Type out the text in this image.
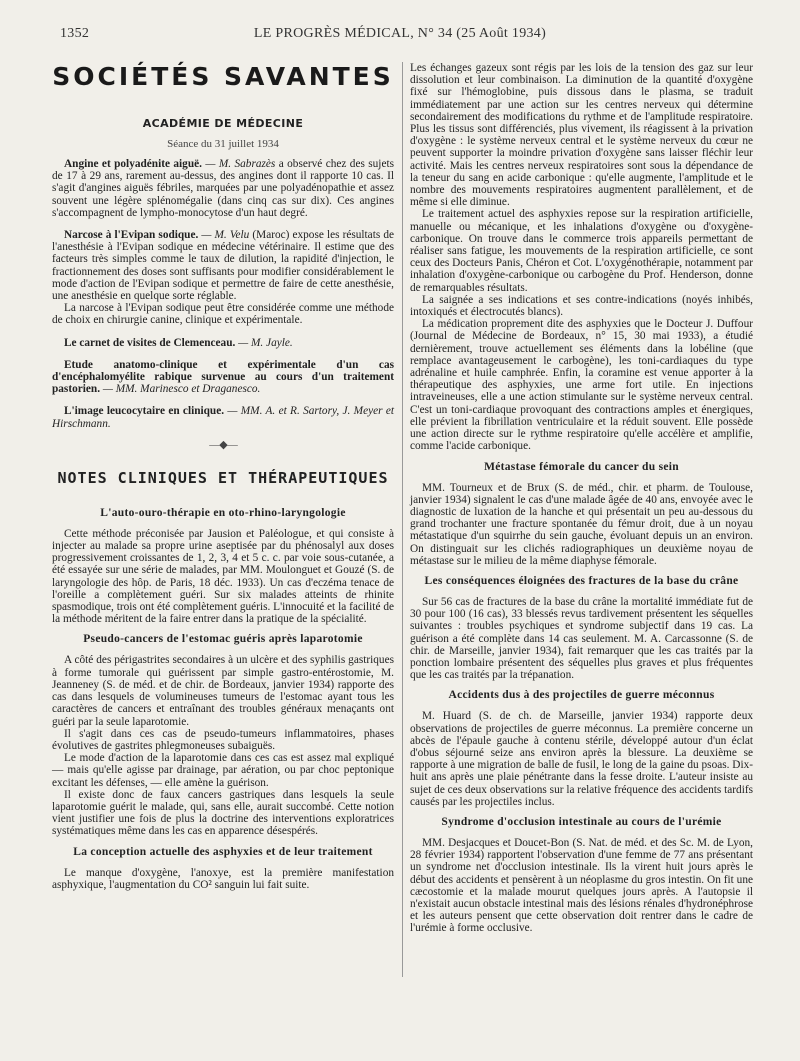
1352	LE PROGRÈS MÉDICAL, N° 34 (25 Août 1934)
SOCIÉTÉS SAVANTES
ACADÉMIE DE MÉDECINE
Séance du 31 juillet 1934

Angine et polyadénite aiguë. — M. Sabrazès a observé chez des sujets de 17 à 29 ans, rarement au-dessus, des angines dont il rapporte 10 cas. Il s'agit d'angines aiguës fébriles, marquées par une polyadénopathie et assez souvent une légère splénomégalie (dans cinq cas sur dix). Ces angines s'accompagnent de lympho-monocytose d'un haut degré.

Narcose à l'Evipan sodique. — M. Velu (Maroc) expose les résultats de l'anesthésie à l'Evipan sodique en médecine vétérinaire. Il estime que des facteurs très simples comme le taux de dilution, la rapidité d'injection, le fractionnement des doses sont suffisants pour modifier considérablement le mode d'action de l'Evipan sodique et permettre de faire de cette anesthésie, une anesthésie en quelque sorte réglable.

La narcose à l'Evipan sodique peut être considérée comme une méthode de choix en chirurgie canine, clinique et expérimentale.

Le carnet de visites de Clemenceau. — M. Jayle.

Etude anatomo-clinique et expérimentale d'un cas d'encéphalomyélite rabique survenue au cours d'un traitement pastorien. — MM. Marinesco et Draganesco.

L'image leucocytaire en clinique. — MM. A. et R. Sartory, J. Meyer et Hirschmann.

—◆—
NOTES CLINIQUES ET THÉRAPEUTIQUES
L'auto-ouro-thérapie en oto-rhino-laryngologie

Cette méthode préconisée par Jausion et Paléologue, et qui consiste à injecter au malade sa propre urine aseptisée par du phénosalyl aux doses progressivement croissantes de 1, 2, 3, 4 et 5 c. c. par voie sous-cutanée, a été essayée sur une série de malades, par MM. Moulonguet et Gouzé (S. de laryngologie des hôp. de Paris, 18 déc. 1933). Un cas d'eczéma tenace de l'oreille a complètement guéri. Sur six malades atteints de rhinite spasmodique, trois ont été complètement guéris. L'innocuité et la facilité de la méthode méritent de la faire entrer dans la pratique de la spécialité.

Pseudo-cancers de l'estomac guéris après laparotomie

A côté des périgastrites secondaires à un ulcère et des syphilis gastriques à forme tumorale qui guérissent par simple gastro-entérostomie, M. Jeanneney (S. de méd. et de chir. de Bordeaux, janvier 1934) rapporte des cas dans lesquels de volumineuses tumeurs de l'estomac ayant tous les caractères de cancers et entraînant des troubles généraux menaçants ont guéri par la seule laparotomie.

Il s'agit dans ces cas de pseudo-tumeurs inflammatoires, phases évolutives de gastrites phlegmoneuses subaiguës.

Le mode d'action de la laparotomie dans ces cas est assez mal expliqué — mais qu'elle agisse par drainage, par aération, ou par choc peptonique excitant les défenses, — elle amène la guérison.

Il existe donc de faux cancers gastriques dans lesquels la seule laparotomie guérit le malade, qui, sans elle, aurait succombé. Cette notion vient justifier une fois de plus la doctrine des interventions exploratrices systématiques même dans les cas en apparence désespérés.

La conception actuelle des asphyxies et de leur traitement

Le manque d'oxygène, l'anoxye, est la première manifestation asphyxique, l'augmentation du CO² sanguin lui fait suite.

Les échanges gazeux sont régis par les lois de la tension des gaz sur leur dissolution et leur combinaison. La diminution de la quantité d'oxygène fixé sur l'hémoglobine, puis dissous dans le plasma, se traduit immédiatement par une action sur les centres nerveux qui détermine secondairement des modifications du rythme et de l'amplitude respiratoire. Plus les tissus sont différenciés, plus vivement, ils réagissent à la privation d'oxygène : le système nerveux central et le système nerveux du cœur ne peuvent supporter la moindre privation d'oxygène sans laisser fléchir leur activité. Mais les centres nerveux respiratoires sont sous la dépendance de la teneur du sang en acide carbonique : qu'elle augmente, l'amplitude et le nombre des mouvements respiratoires augmentent parallèlement, et de même si elle diminue.

Le traitement actuel des asphyxies repose sur la respiration artificielle, manuelle ou mécanique, et les inhalations d'oxygène ou d'oxygène-carbonique. On trouve dans le commerce trois appareils permettant de réaliser sans fatigue, les mouvements de la respiration artificielle, ce sont ceux des Docteurs Panis, Chéron et Cot. L'oxygénothérapie, notamment par inhalation d'oxygène-carbonique ou carbogène du Prof. Henderson, donne de remarquables résultats.

La saignée a ses indications et ses contre-indications (noyés inhibés, intoxiqués et électrocutés blancs).

La médication proprement dite des asphyxies que le Docteur J. Duffour (Journal de Médecine de Bordeaux, n° 15, 30 mai 1933), a étudié dernièrement, trouve actuellement ses éléments dans la lobéline (que remplace avantageusement le carbogène), les toni-cardiaques du type adrénaline et huile camphrée. Enfin, la coramine est venue apporter à la thérapeutique des asphyxies, une arme fort utile. En injections intraveineuses, elle a une action stimulante sur le système nerveux central. C'est un toni-cardiaque provoquant des contractions amples et énergiques, elle prévient la fibrillation ventriculaire et la réduit souvent. Elle possède une action directe sur le rythme respiratoire qu'elle accélère et amplifie, comme l'acide carbonique.

Métastase fémorale du cancer du sein

MM. Tourneux et de Brux (S. de méd., chir. et pharm. de Toulouse, janvier 1934) signalent le cas d'une malade âgée de 40 ans, envoyée avec le diagnostic de luxation de la hanche et qui présentait un peu au-dessous du grand trochanter une fracture spontanée du fémur droit, due à un noyau métastatique d'un squirrhe du sein gauche, évoluant depuis un an environ. On distinguait sur les clichés radiographiques un deuxième noyau de métastase sur le milieu de la même diaphyse fémorale.

Les conséquences éloignées des fractures de la base du crâne

Sur 56 cas de fractures de la base du crâne la mortalité immédiate fut de 30 pour 100 (16 cas), 33 blessés revus tardivement présentent les séquelles suivantes : troubles psychiques et syndrome subjectif dans 19 cas. La guérison a été complète dans 14 cas seulement. M. A. Carcassonne (S. de chir. de Marseille, janvier 1934), fait remarquer que les cas traités par la ponction lombaire présentent des séquelles plus graves et plus fréquentes que les cas traités par la trépanation.

Accidents dus à des projectiles de guerre méconnus

M. Huard (S. de ch. de Marseille, janvier 1934) rapporte deux observations de projectiles de guerre méconnus. La première concerne un abcès de l'épaule gauche à contenu stérile, développé autour d'un éclat d'obus séjourné seize ans environ après la blessure. La deuxième se rapporte à une migration de balle de fusil, le long de la gaine du psoas. Dix-huit ans après une plaie pénétrante dans la fesse droite. L'auteur insiste au sujet de ces deux observations sur la relative fréquence des accidents tardifs causés par les projectiles inclus.

Syndrome d'occlusion intestinale au cours de l'urémie

MM. Desjacques et Doucet-Bon (S. Nat. de méd. et des Sc. M. de Lyon, 28 février 1934) rapportent l'observation d'une femme de 77 ans présentant un syndrome net d'occlusion intestinale. Ils la virent huit jours après le début des accidents et pensèrent à un néoplasme du gros intestin. On fit une cæcostomie et la malade mourut quelques jours après. A l'autopsie il n'existait aucun obstacle intestinal mais des lésions rénales d'hydronéphrose et les auteurs pensent que cette observation doit rentrer dans le cadre de l'urémie à forme occlusive.
